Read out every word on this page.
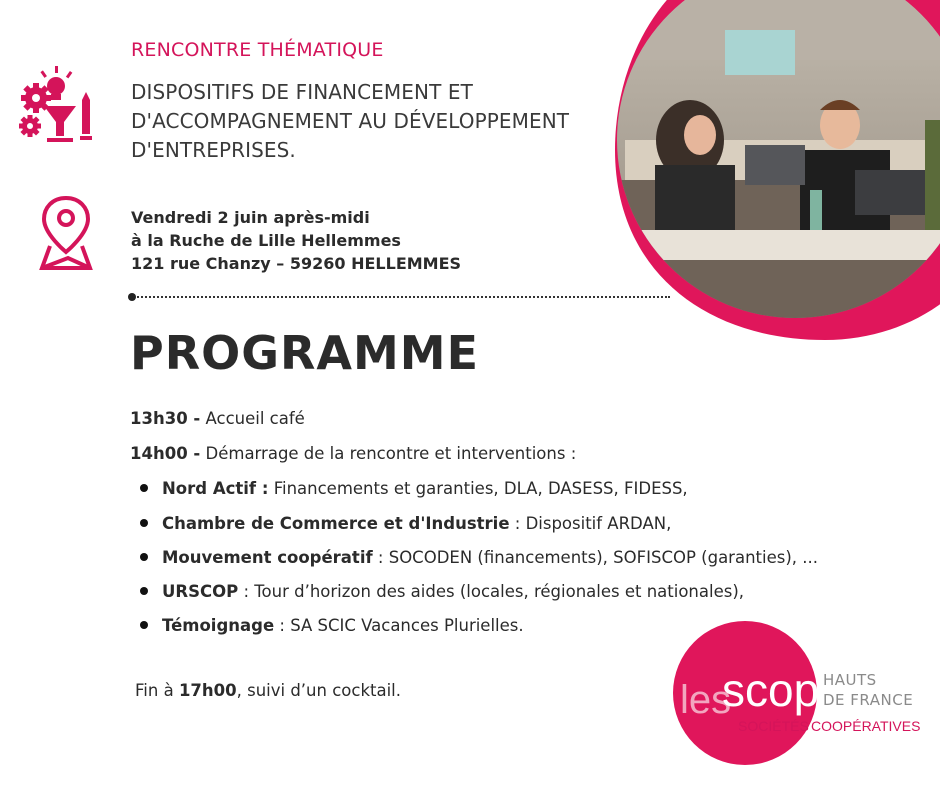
RENCONTRE THÉMATIQUE
DISPOSITIFS DE FINANCEMENT ET D'ACCOMPAGNEMENT AU DÉVELOPPEMENT D'ENTREPRISES.
Vendredi 2 juin après-midi
à la Ruche de Lille Hellemmes
121 rue Chanzy – 59260 HELLEMMES
PROGRAMME
13h30 - Accueil café
14h00 - Démarrage de la rencontre et interventions :
Nord Actif : Financements et garanties, DLA, DASESS, FIDESS,
Chambre de Commerce et d'Industrie : Dispositif ARDAN,
Mouvement coopératif : SOCODEN (financements), SOFISCOP (garanties), ...
URSCOP : Tour d’horizon des aides (locales, régionales et nationales),
Témoignage : SA SCIC Vacances Plurielles.
Fin à 17h00, suivi d’un cocktail.	les
scop HAUTS
DE FRANCE
SOCIÉTÉS COOPÉRATIVES
